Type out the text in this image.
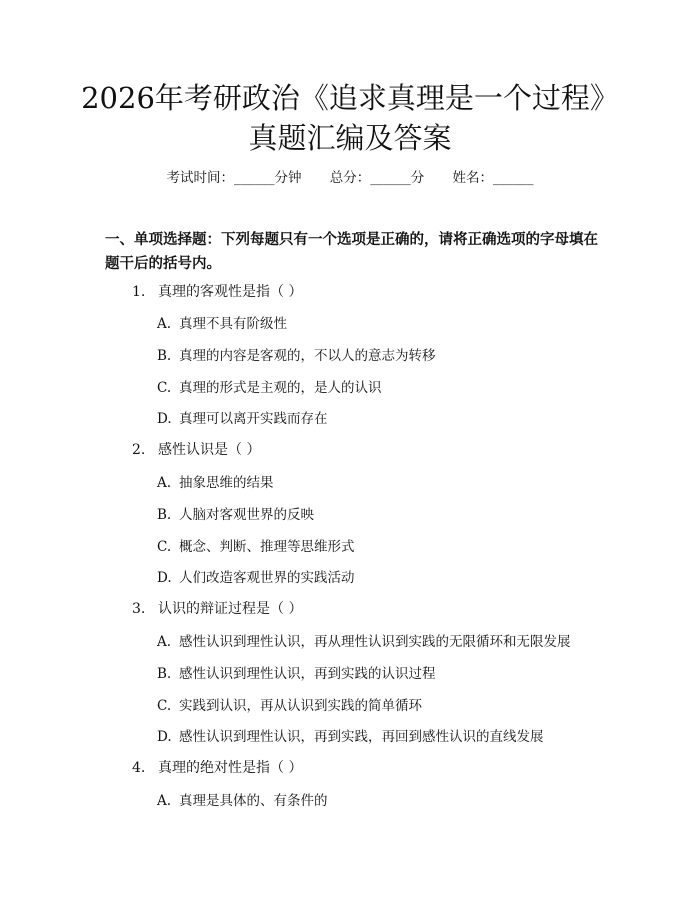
2026年考研政治《追求真理是一个过程》真题汇编及答案
考试时间：______分钟 总分：______分 姓名：______

一、单项选择题：下列每题只有一个选项是正确的，请将正确选项的字母填在题干后的括号内。

1. 真理的客观性是指（ ）
A. 真理不具有阶级性
B. 真理的内容是客观的，不以人的意志为转移
C. 真理的形式是主观的，是人的认识
D. 真理可以离开实践而存在
2. 感性认识是（ ）
A. 抽象思维的结果
B. 人脑对客观世界的反映
C. 概念、判断、推理等思维形式
D. 人们改造客观世界的实践活动
3. 认识的辩证过程是（ ）
A. 感性认识到理性认识，再从理性认识到实践的无限循环和无限发展
B. 感性认识到理性认识，再到实践的认识过程
C. 实践到认识，再从认识到实践的简单循环
D. 感性认识到理性认识，再到实践，再回到感性认识的直线发展
4. 真理的绝对性是指（ ）
A. 真理是具体的、有条件的
